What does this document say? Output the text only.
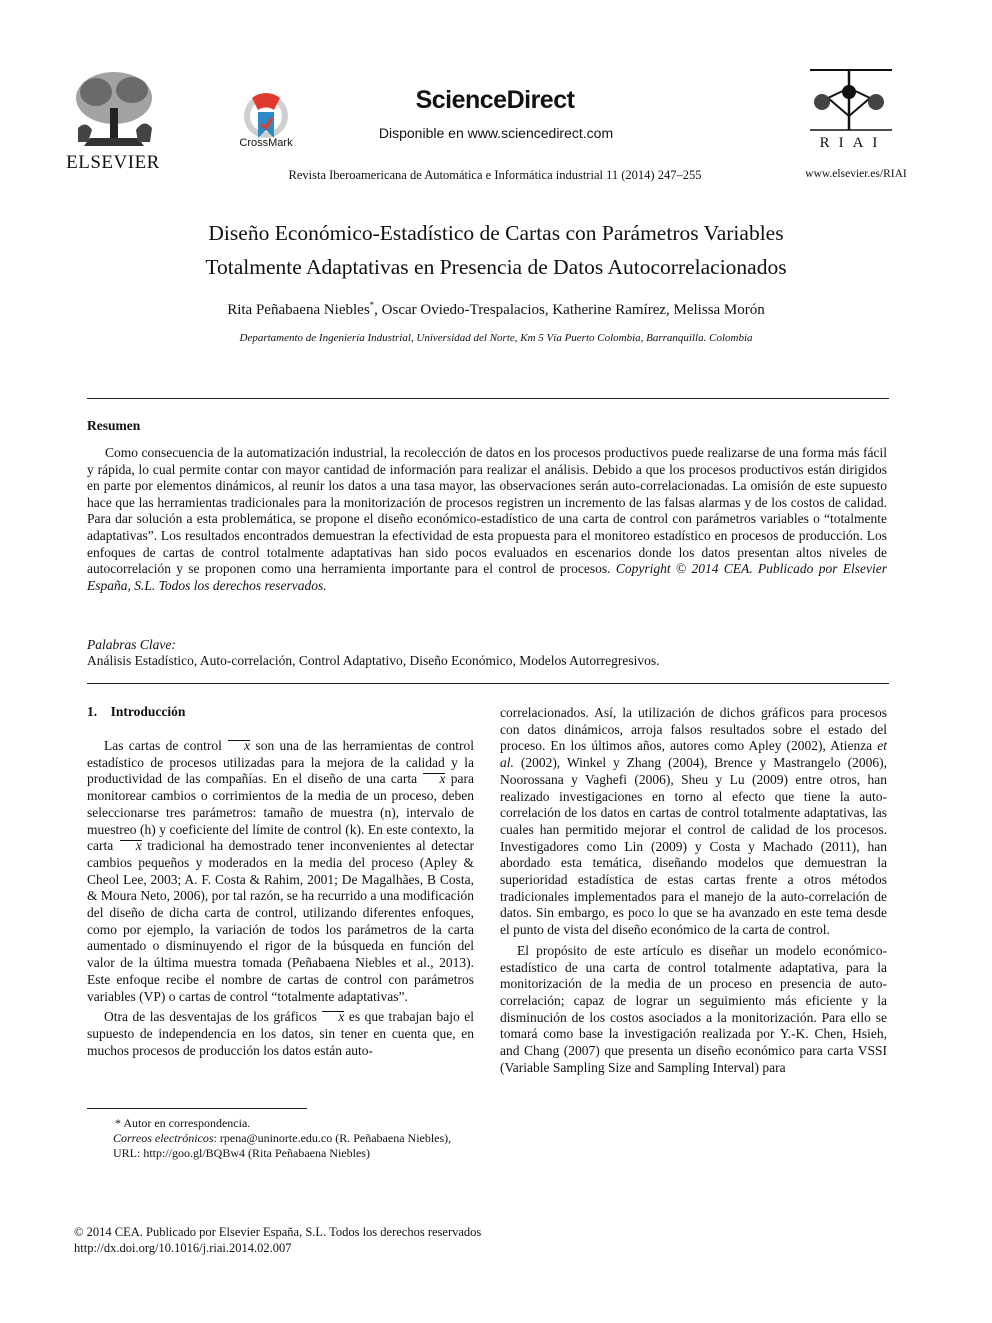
ELSEVIER
CrossMark
ScienceDirect
Disponible en www.sciencedirect.com
Revista Iberoamericana de Automática e Informática industrial 11 (2014) 247–255
RIAI
www.elsevier.es/RIAI
Diseño Económico-Estadístico de Cartas con Parámetros Variables
Totalmente Adaptativas en Presencia de Datos Autocorrelacionados
Rita Peñabaena Niebles*, Oscar Oviedo-Trespalacios, Katherine Ramírez, Melissa Morón
Departamento de Ingeniería Industrial, Universidad del Norte, Km 5 Vía Puerto Colombia, Barranquilla. Colombia
Resumen

Como consecuencia de la automatización industrial, la recolección de datos en los procesos productivos puede realizarse de una forma más fácil y rápida, lo cual permite contar con mayor cantidad de información para realizar el análisis. Debido a que los procesos productivos están dirigidos en parte por elementos dinámicos, al reunir los datos a una tasa mayor, las observaciones serán auto-correlacionadas. La omisión de este supuesto hace que las herramientas tradicionales para la monitorización de procesos registren un incremento de las falsas alarmas y de los costos de calidad. Para dar solución a esta problemática, se propone el diseño económico-estadístico de una carta de control con parámetros variables o “totalmente adaptativas”. Los resultados encontrados demuestran la efectividad de esta propuesta para el monitoreo estadístico en procesos de producción. Los enfoques de cartas de control totalmente adaptativas han sido pocos evaluados en escenarios donde los datos presentan altos niveles de autocorrelación y se proponen como una herramienta importante para el control de procesos. Copyright © 2014 CEA. Publicado por Elsevier España, S.L. Todos los derechos reservados.

Palabras Clave:
Análisis Estadístico, Auto-correlación, Control Adaptativo, Diseño Económico, Modelos Autorregresivos.
1.    Introducción

Las cartas de control x son una de las herramientas de control estadístico de procesos utilizadas para la mejora de la calidad y la productividad de las compañías. En el diseño de una carta x para monitorear cambios o corrimientos de la media de un proceso, deben seleccionarse tres parámetros: tamaño de muestra (n), intervalo de muestreo (h) y coeficiente del límite de control (k). En este contexto, la carta x tradicional ha demostrado tener inconvenientes al detectar cambios pequeños y moderados en la media del proceso (Apley & Cheol Lee, 2003; A. F. Costa & Rahim, 2001; De Magalhães, B Costa, & Moura Neto, 2006), por tal razón, se ha recurrido a una modificación del diseño de dicha carta de control, utilizando diferentes enfoques, como por ejemplo, la variación de todos los parámetros de la carta aumentado o disminuyendo el rigor de la búsqueda en función del valor de la última muestra tomada (Peñabaena Niebles et al., 2013). Este enfoque recibe el nombre de cartas de control con parámetros variables (VP) o cartas de control “totalmente adaptativas”.

Otra de las desventajas de los gráficos x es que trabajan bajo el supuesto de independencia en los datos, sin tener en cuenta que, en muchos procesos de producción los datos están auto-

correlacionados. Así, la utilización de dichos gráficos para procesos con datos dinámicos, arroja falsos resultados sobre el estado del proceso. En los últimos años, autores como Apley (2002), Atienza et al. (2002), Winkel y Zhang (2004), Brence y Mastrangelo (2006), Noorossana y Vaghefi (2006), Sheu y Lu (2009) entre otros, han realizado investigaciones en torno al efecto que tiene la auto-correlación de los datos en cartas de control totalmente adaptativas, las cuales han permitido mejorar el control de calidad de los procesos. Investigadores como Lin (2009) y Costa y Machado (2011), han abordado esta temática, diseñando modelos que demuestran la superioridad estadística de estas cartas frente a otros métodos tradicionales implementados para el manejo de la auto-correlación de datos. Sin embargo, es poco lo que se ha avanzado en este tema desde el punto de vista del diseño económico de la carta de control.

El propósito de este artículo es diseñar un modelo económico-estadístico de una carta de control totalmente adaptativa, para la monitorización de la media de un proceso en presencia de auto-correlación; capaz de lograr un seguimiento más eficiente y la disminución de los costos asociados a la monitorización. Para ello se tomará como base la investigación realizada por Y.-K. Chen, Hsieh, and Chang (2007) que presenta un diseño económico para carta VSSI (Variable Sampling Size and Sampling Interval) para

* Autor en correspondencia.
Correos electrónicos: rpena@uninorte.edu.co (R. Peñabaena Niebles),
URL: http://goo.gl/BQBw4 (Rita Peñabaena Niebles)
© 2014 CEA. Publicado por Elsevier España, S.L. Todos los derechos reservados
http://dx.doi.org/10.1016/j.riai.2014.02.007
